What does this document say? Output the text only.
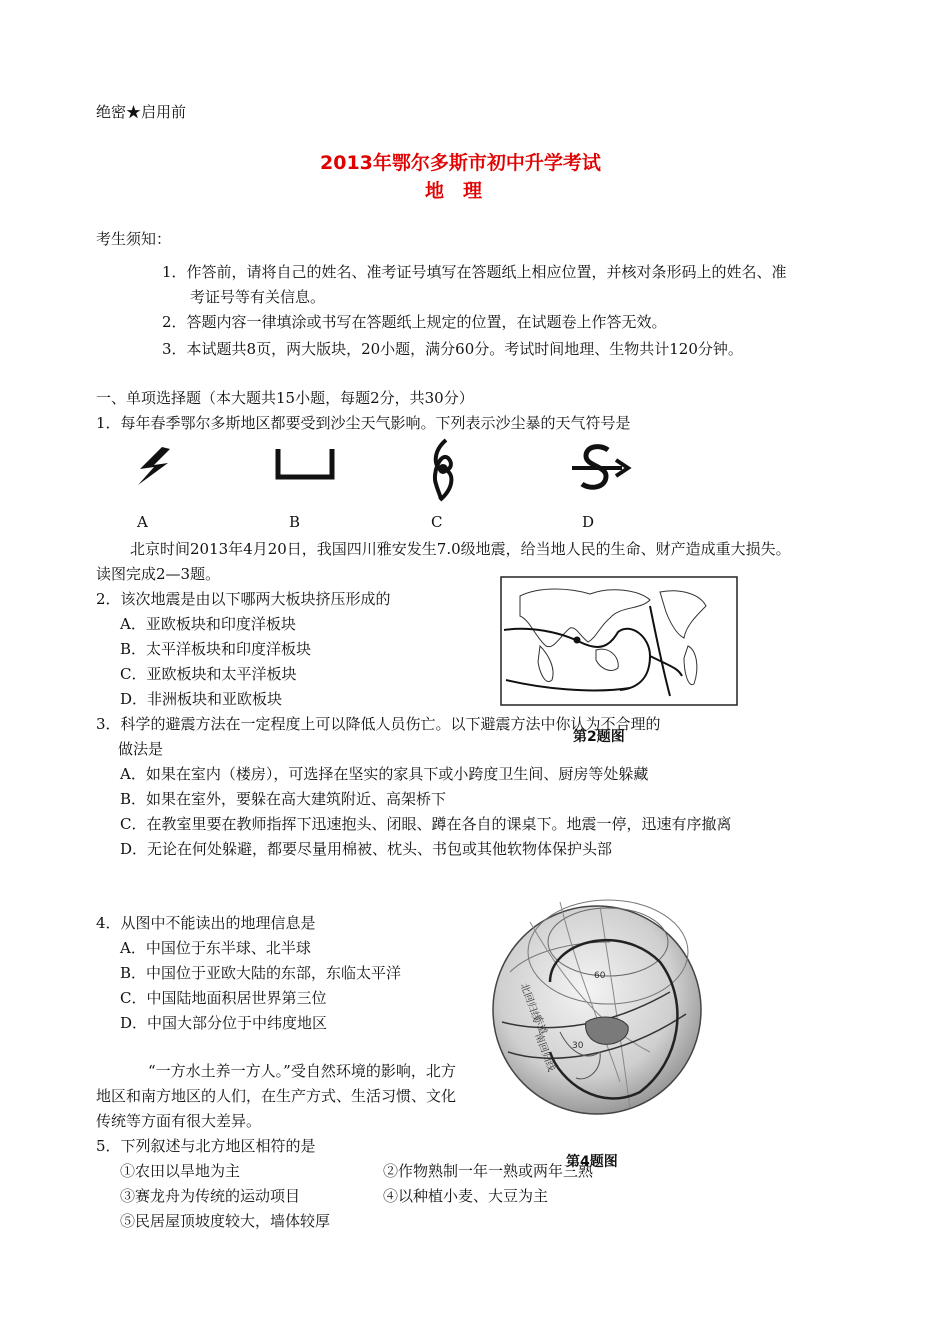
绝密★启用前
2013年鄂尔多斯市初中升学考试
地　理
考生须知：
1．作答前，请将自己的姓名、准考证号填写在答题纸上相应位置，并核对条形码上的姓名、准
考证号等有关信息。
2．答题内容一律填涂或书写在答题纸上规定的位置，在试题卷上作答无效。
3．本试题共8页，两大版块，20小题，满分60分。考试时间地理、生物共计120分钟。
一、单项选择题（本大题共15小题，每题2分，共30分）
1．每年春季鄂尔多斯地区都要受到沙尘天气影响。下列表示沙尘暴的天气符号是
A	B	C	D
北京时间2013年4月20日，我国四川雅安发生7.0级地震，给当地人民的生命、财产造成重大损失。
读图完成2—3题。
2．该次地震是由以下哪两大板块挤压形成的
A．亚欧板块和印度洋板块
B．太平洋板块和印度洋板块
C．亚欧板块和太平洋板块
D．非洲板块和亚欧板块
3．科学的避震方法在一定程度上可以降低人员伤亡。以下避震方法中你认为不合理的
第2题图
做法是
A．如果在室内（楼房），可选择在坚实的家具下或小跨度卫生间、厨房等处躲藏
B．如果在室外，要躲在高大建筑附近、高架桥下
C．在教室里要在教师指挥下迅速抱头、闭眼、蹲在各自的课桌下。地震一停，迅速有序撤离
D．无论在何处躲避，都要尽量用棉被、枕头、书包或其他软物体保护头部
4．从图中不能读出的地理信息是
A．中国位于东半球、北半球
B．中国位于亚欧大陆的东部，东临太平洋
C．中国陆地面积居世界第三位
D．中国大部分位于中纬度地区	北回归线
赤道
南回归线 30
60
“一方水土养一方人。”受自然环境的影响，北方
地区和南方地区的人们，在生产方式、生活习惯、文化
传统等方面有很大差异。
5．下列叙述与北方地区相符的是
第4题图
①农田以旱地为主	②作物熟制一年一熟或两年三熟
③赛龙舟为传统的运动项目	④以种植小麦、大豆为主
⑤民居屋顶坡度较大，墙体较厚
